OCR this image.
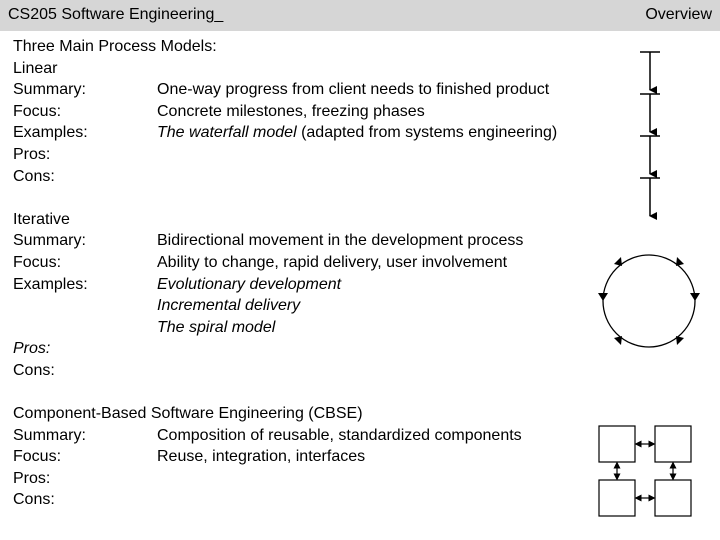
CS205 Software Engineering_	Overview
Three Main Process Models:
Linear
Summary:	One-way progress from client needs to finished product
Focus:	Concrete milestones, freezing phases
Examples:	The waterfall model (adapted from systems engineering)
Pros:
Cons:
Iterative
Summary:	Bidirectional movement in the development process
Focus:	Ability to change, rapid delivery, user involvement
Examples:	Evolutionary development
Incremental delivery
The spiral model
Pros:
Cons:
Component-Based Software Engineering (CBSE)
Summary:	Composition of reusable, standardized components
Focus:	Reuse, integration, interfaces
Pros:
Cons:
